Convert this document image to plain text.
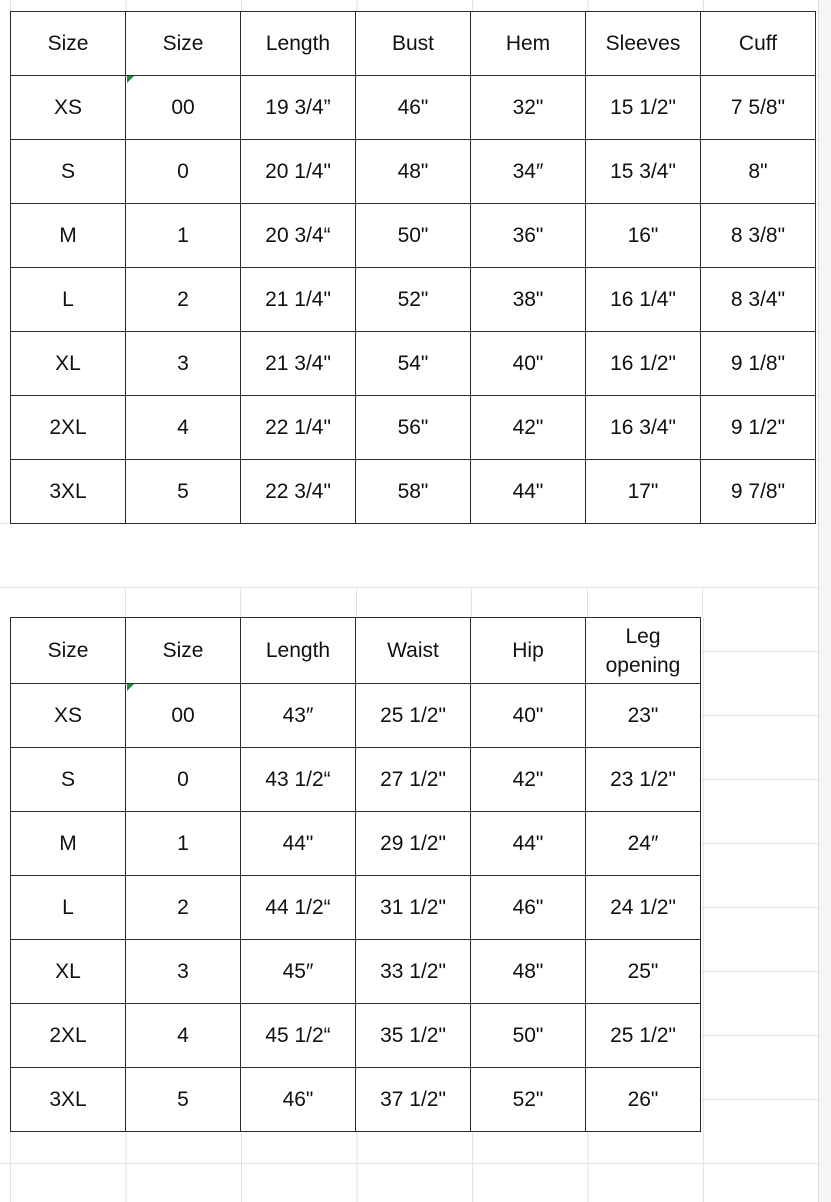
Size	Size	Length	Bust	Hem	Sleeves	Cuff
XS	00	19 3/4”	46"	32"	15 1/2"	7 5/8"
S	0	20 1/4"	48"	34″	15 3/4"	8"
M	1	20 3/4“	50"	36"	16"	8 3/8"
L	2	21 1/4"	52"	38"	16 1/4"	8 3/4"
XL	3	21 3/4"	54"	40"	16 1/2"	9 1/8"
2XL	4	22 1/4"	56"	42"	16 3/4"	9 1/2"
3XL	5	22 3/4"	58"	44"	17"	9 7/8"
Size	Size	Length	Waist	Hip	Leg opening
XS	00	43″	25 1/2"	40"	23"
S	0	43 1/2“	27 1/2"	42"	23 1/2"
M	1	44"	29 1/2"	44"	24″
L	2	44 1/2“	31 1/2"	46"	24 1/2"
XL	3	45″	33 1/2"	48"	25"
2XL	4	45 1/2“	35 1/2"	50"	25 1/2"
3XL	5	46"	37 1/2"	52"	26"
